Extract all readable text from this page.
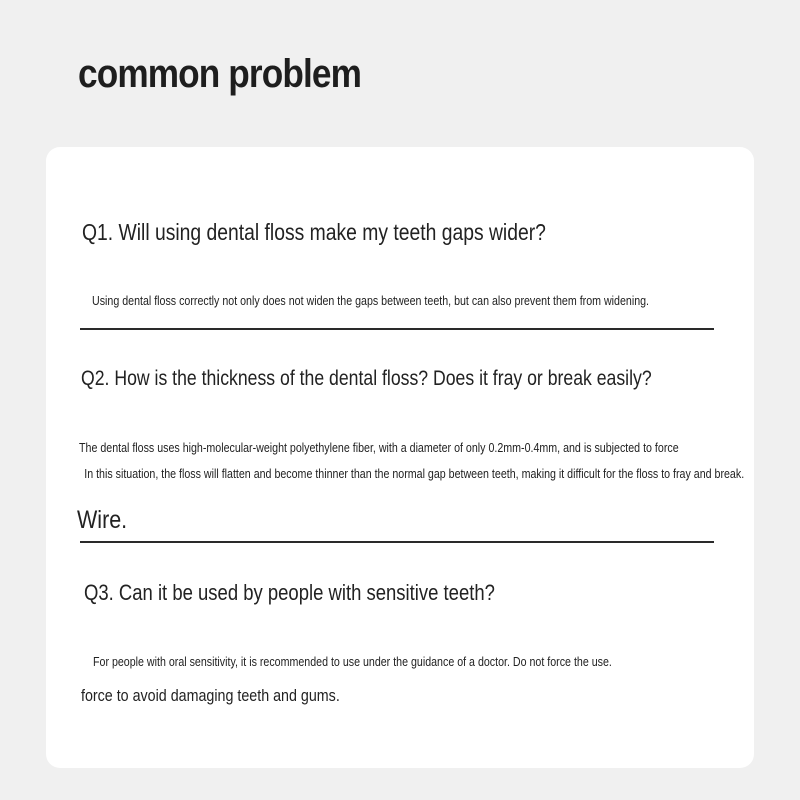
common problem
Q1. Will using dental floss make my teeth gaps wider?
Using dental floss correctly not only does not widen the gaps between teeth, but can also prevent them from widening.
Q2. How is the thickness of the dental floss? Does it fray or break easily?
The dental floss uses high-molecular-weight polyethylene fiber, with a diameter of only 0.2mm-0.4mm, and is subjected to force
In this situation, the floss will flatten and become thinner than the normal gap between teeth, making it difficult for the floss to fray and break.
Wire.
Q3. Can it be used by people with sensitive teeth?
For people with oral sensitivity, it is recommended to use under the guidance of a doctor. Do not force the use.
force to avoid damaging teeth and gums.
